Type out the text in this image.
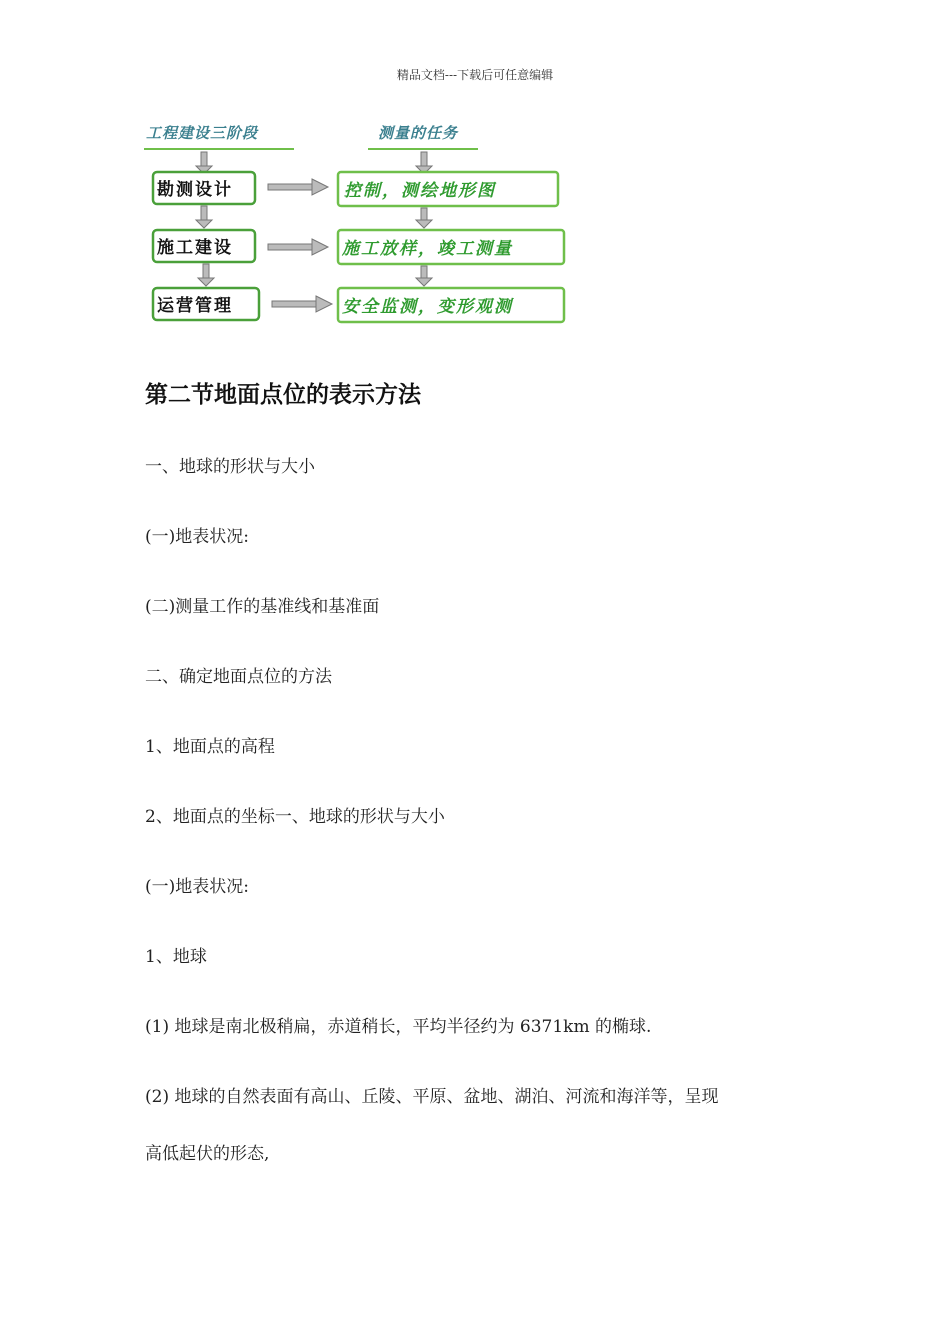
精品文档---下载后可任意编辑
工程建设三阶段	测量的任务
勘测设计
施工建设
运营管理
控制，测绘地形图
施工放样，竣工测量
安全监测，变形观测
第二节地面点位的表示方法
一、地球的形状与大小
(一)地表状况:
(二)测量工作的基准线和基准面
二、确定地面点位的方法
1、地面点的高程
2、地面点的坐标一、地球的形状与大小
(一)地表状况:
1、地球
(1) 地球是南北极稍扁，赤道稍长，平均半径约为 6371km 的椭球.
(2) 地球的自然表面有高山、丘陵、平原、盆地、湖泊、河流和海洋等，呈现
高低起伏的形态,
